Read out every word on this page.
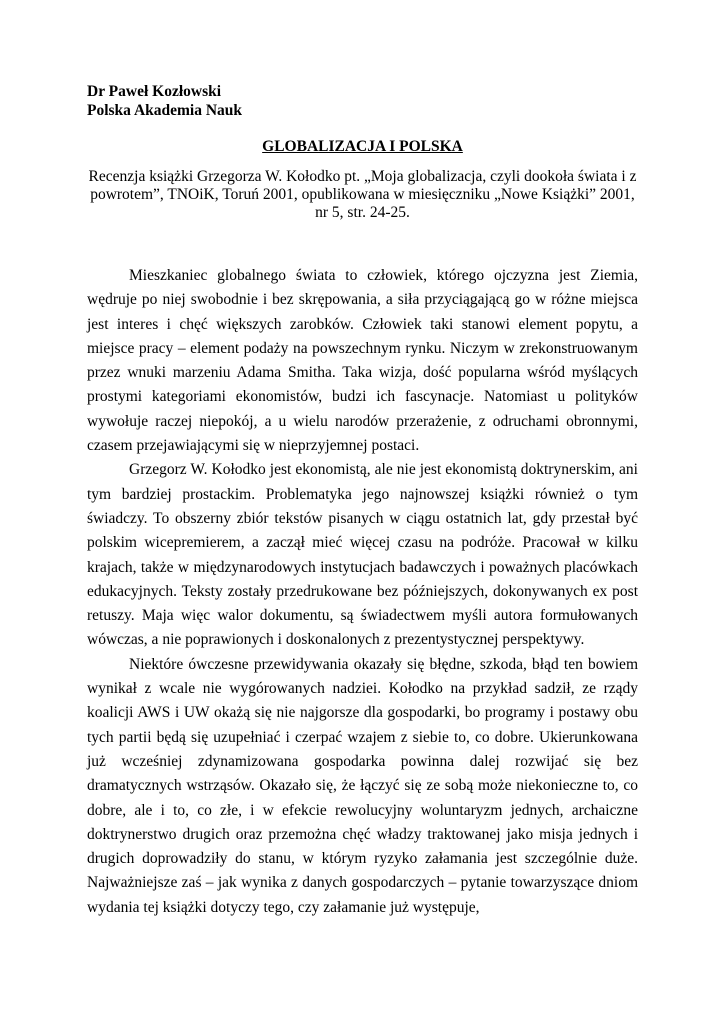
Dr Paweł Kozłowski
Polska Akademia Nauk
GLOBALIZACJA I POLSKA
Recenzja książki Grzegorza W. Kołodko pt. „Moja globalizacja, czyli dookoła świata i z powrotem”, TNOiK, Toruń 2001, opublikowana w miesięczniku „Nowe Książki” 2001, nr 5, str. 24-25.

Mieszkaniec globalnego świata to człowiek, którego ojczyzna jest Ziemia, wędruje po niej swobodnie i bez skrępowania, a siła przyciągającą go w różne miejsca jest interes i chęć większych zarobków. Człowiek taki stanowi element popytu, a miejsce pracy – element podaży na powszechnym rynku. Niczym w zrekonstruowanym przez wnuki marzeniu Adama Smitha. Taka wizja, dość popularna wśród myślących prostymi kategoriami ekonomistów, budzi ich fascynacje. Natomiast u polityków wywołuje raczej niepokój, a u wielu narodów przerażenie, z odruchami obronnymi, czasem przejawiającymi się w nieprzyjemnej postaci.

Grzegorz W. Kołodko jest ekonomistą, ale nie jest ekonomistą doktrynerskim, ani tym bardziej prostackim. Problematyka jego najnowszej książki również o tym świadczy. To obszerny zbiór tekstów pisanych w ciągu ostatnich lat, gdy przestał być polskim wicepremierem, a zaczął mieć więcej czasu na podróże. Pracował w kilku krajach, także w międzynarodowych instytucjach badawczych i poważnych placówkach edukacyjnych. Teksty zostały przedrukowane bez późniejszych, dokonywanych ex post retuszy. Maja więc walor dokumentu, są świadectwem myśli autora formułowanych wówczas, a nie poprawionych i doskonalonych z prezentystycznej perspektywy.

Niektóre ówczesne przewidywania okazały się błędne, szkoda, błąd ten bowiem wynikał z wcale nie wygórowanych nadziei. Kołodko na przykład sadził, ze rządy koalicji AWS i UW okażą się nie najgorsze dla gospodarki, bo programy i postawy obu tych partii będą się uzupełniać i czerpać wzajem z siebie to, co dobre. Ukierunkowana już wcześniej zdynamizowana gospodarka powinna dalej rozwijać się bez dramatycznych wstrząsów. Okazało się, że łączyć się ze sobą może niekonieczne to, co dobre, ale i to, co złe, i w efekcie rewolucyjny woluntaryzm jednych, archaiczne doktrynerstwo drugich oraz przemożna chęć władzy traktowanej jako misja jednych i drugich doprowadziły do stanu, w którym ryzyko załamania jest szczególnie duże. Najważniejsze zaś – jak wynika z danych gospodarczych – pytanie towarzyszące dniom wydania tej książki dotyczy tego, czy załamanie już występuje,
